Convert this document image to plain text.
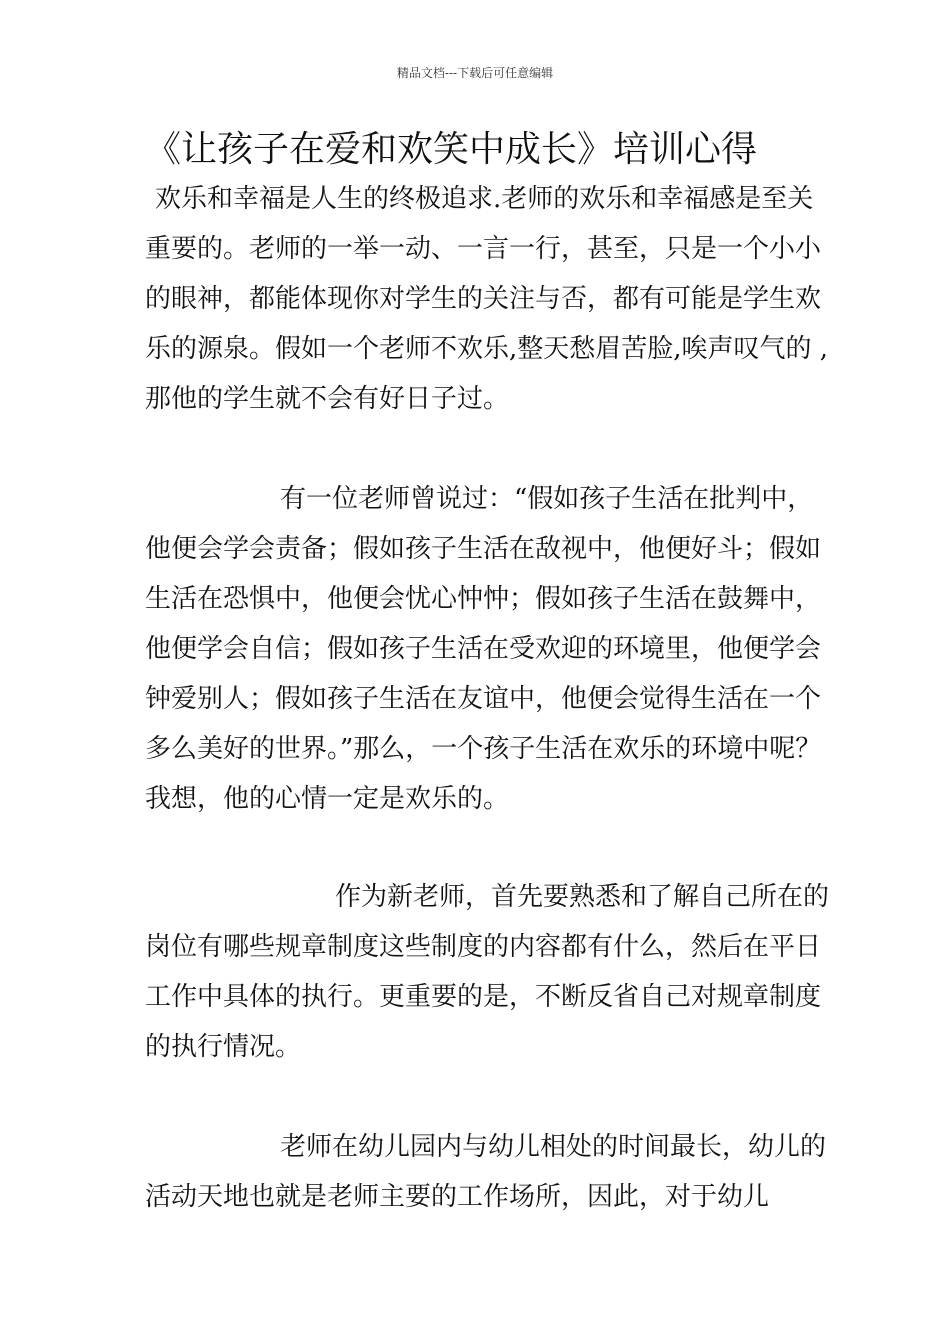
精品文档---下载后可任意编辑
《让孩子在爱和欢笑中成长》培训心得

欢乐和幸福是人生的终极追求.老师的欢乐和幸福感是至关重要的。老师的一举一动、一言一行，甚至，只是一个小小的眼神，都能体现你对学生的关注与否，都有可能是学生欢乐的源泉。假如一个老师不欢乐,整天愁眉苦脸,唉声叹气的 ,那他的学生就不会有好日子过。

有一位老师曾说过：“假如孩子生活在批判中，他便会学会责备；假如孩子生活在敌视中，他便好斗；假如生活在恐惧中，他便会忧心忡忡；假如孩子生活在鼓舞中，他便学会自信；假如孩子生活在受欢迎的环境里，他便学会钟爱别人；假如孩子生活在友谊中，他便会觉得生活在一个多么美好的世界。”那么，一个孩子生活在欢乐的环境中呢？我想，他的心情一定是欢乐的。

作为新老师，首先要熟悉和了解自己所在的岗位有哪些规章制度这些制度的内容都有什么，然后在平日工作中具体的执行。更重要的是，不断反省自己对规章制度的执行情况。

老师在幼儿园内与幼儿相处的时间最长，幼儿的活动天地也就是老师主要的工作场所，因此，对于幼儿
